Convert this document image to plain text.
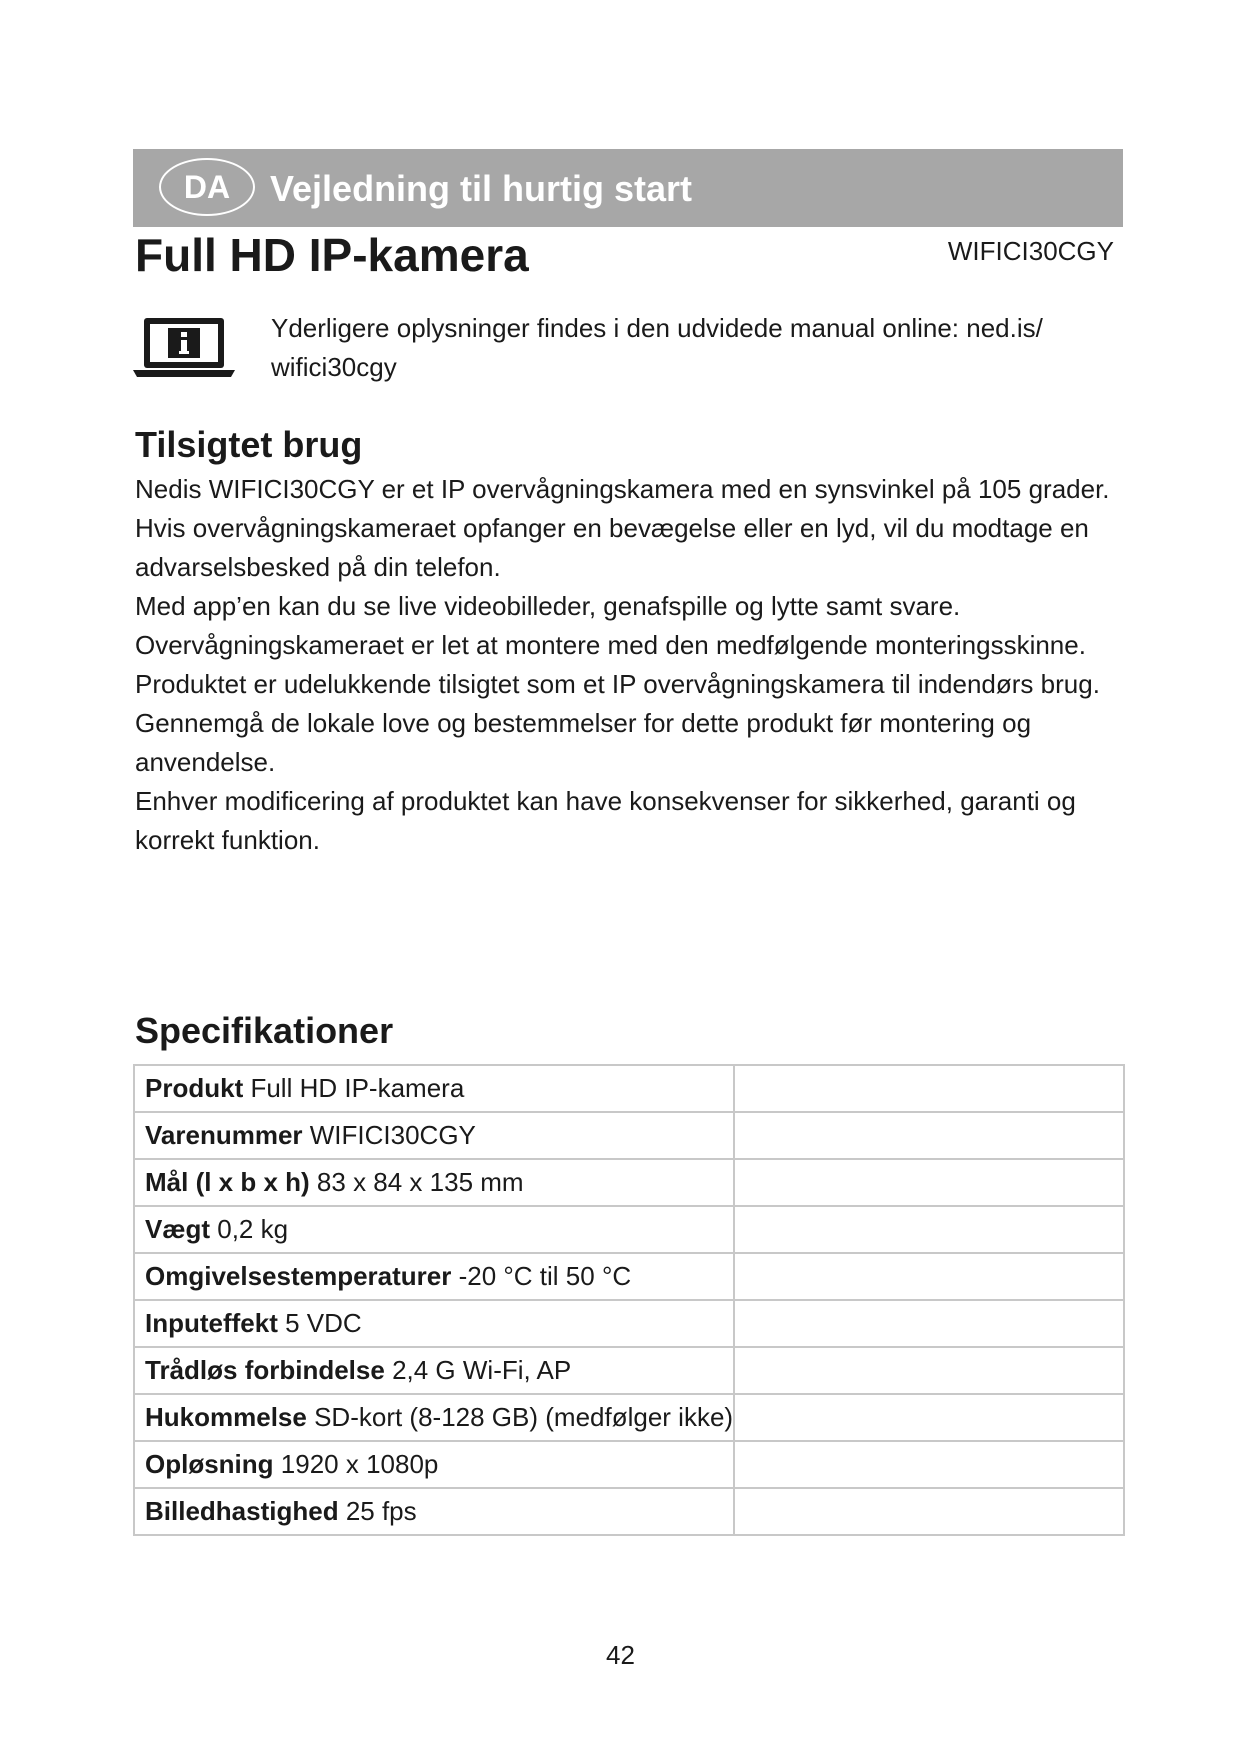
DA	Vejledning til hurtig start
Full HD IP-kamera	WIFICI30CGY
Yderligere oplysninger findes i den udvidede manual online: ned.is/ wifici30cgy
Tilsigtet brug

Nedis WIFICI30CGY er et IP overvågningskamera med en synsvinkel på 105 grader.

Hvis overvågningskameraet opfanger en bevægelse eller en lyd, vil du modtage en advarselsbesked på din telefon.

Med app’en kan du se live videobilleder, genafspille og lytte samt svare.

Overvågningskameraet er let at montere med den medfølgende monteringsskinne.

Produktet er udelukkende tilsigtet som et IP overvågningskamera til indendørs brug.

Gennemgå de lokale love og bestemmelser for dette produkt før montering og anvendelse.

Enhver modificering af produktet kan have konsekvenser for sikkerhed, garanti og korrekt funktion.

Specifikationer
Produkt Full HD IP-kamera	
Varenummer WIFICI30CGY	
Mål (l x b x h) 83 x 84 x 135 mm	
Vægt 0,2 kg	
Omgivelsestemperaturer -20 °C til 50 °C	
Inputeffekt 5 VDC	
Trådløs forbindelse 2,4 G Wi-Fi, AP	
Hukommelse SD-kort (8-128 GB) (medfølger ikke)	
Opløsning 1920 x 1080p	
Billedhastighed 25 fps	
42
